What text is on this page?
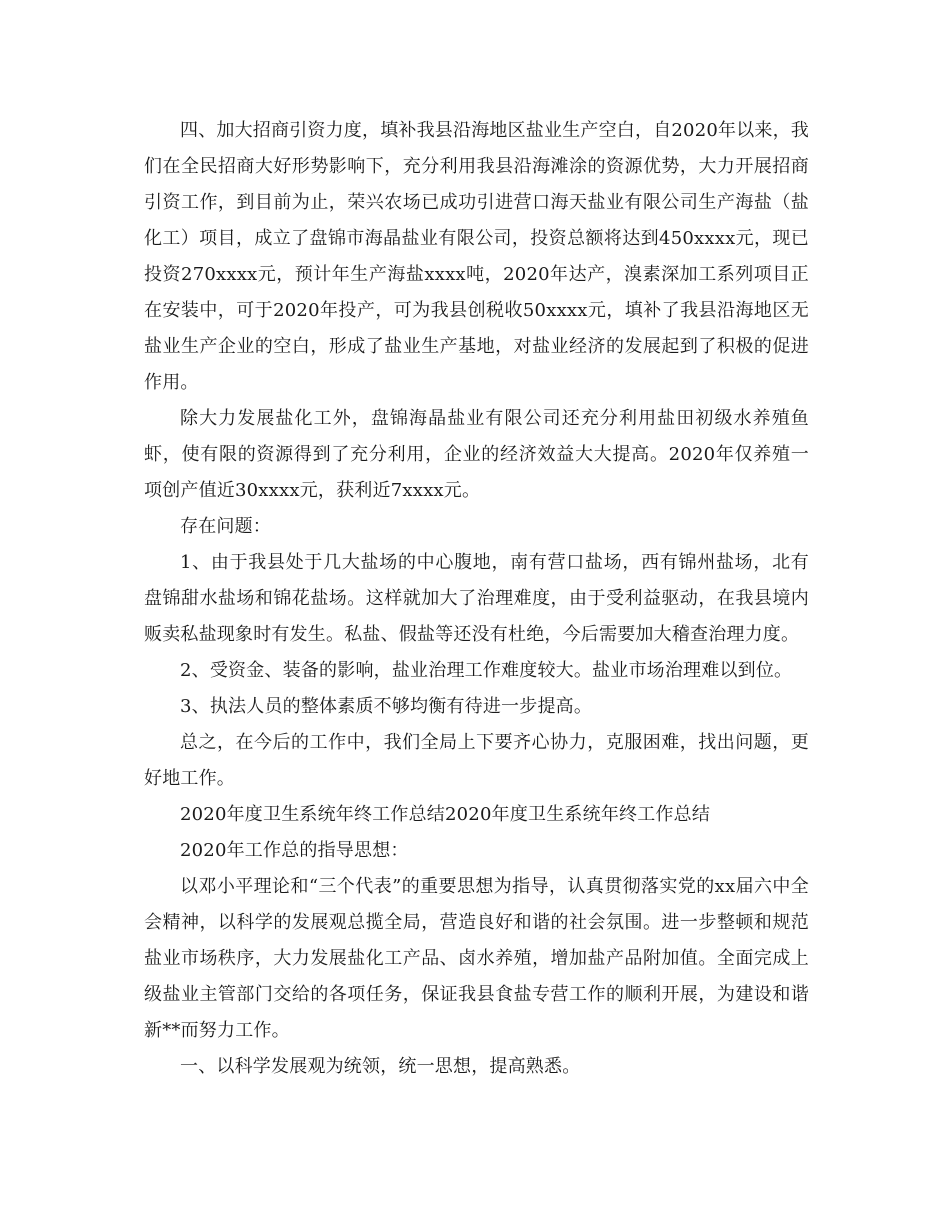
四、加大招商引资力度，填补我县沿海地区盐业生产空白，自2020年以来，我们在全民招商大好形势影响下，充分利用我县沿海滩涂的资源优势，大力开展招商引资工作，到目前为止，荣兴农场已成功引进营口海天盐业有限公司生产海盐（盐化工）项目，成立了盘锦市海晶盐业有限公司，投资总额将达到450xxxx元，现已投资270xxxx元，预计年生产海盐xxxx吨，2020年达产，溴素深加工系列项目正在安装中，可于2020年投产，可为我县创税收50xxxx元，填补了我县沿海地区无盐业生产企业的空白，形成了盐业生产基地，对盐业经济的发展起到了积极的促进作用。

除大力发展盐化工外，盘锦海晶盐业有限公司还充分利用盐田初级水养殖鱼虾，使有限的资源得到了充分利用，企业的经济效益大大提高。2020年仅养殖一项创产值近30xxxx元，获利近7xxxx元。

存在问题：

1、由于我县处于几大盐场的中心腹地，南有营口盐场，西有锦州盐场，北有盘锦甜水盐场和锦花盐场。这样就加大了治理难度，由于受利益驱动，在我县境内贩卖私盐现象时有发生。私盐、假盐等还没有杜绝，今后需要加大稽查治理力度。

2、受资金、装备的影响，盐业治理工作难度较大。盐业市场治理难以到位。

3、执法人员的整体素质不够均衡有待进一步提高。

总之，在今后的工作中，我们全局上下要齐心协力，克服困难，找出问题，更好地工作。

2020年度卫生系统年终工作总结2020年度卫生系统年终工作总结

2020年工作总的指导思想：

以邓小平理论和“三个代表”的重要思想为指导，认真贯彻落实党的xx届六中全会精神，以科学的发展观总揽全局，营造良好和谐的社会氛围。进一步整顿和规范盐业市场秩序，大力发展盐化工产品、卤水养殖，增加盐产品附加值。全面完成上级盐业主管部门交给的各项任务，保证我县食盐专营工作的顺利开展，为建设和谐新**而努力工作。

一、以科学发展观为统领，统一思想，提高熟悉。
